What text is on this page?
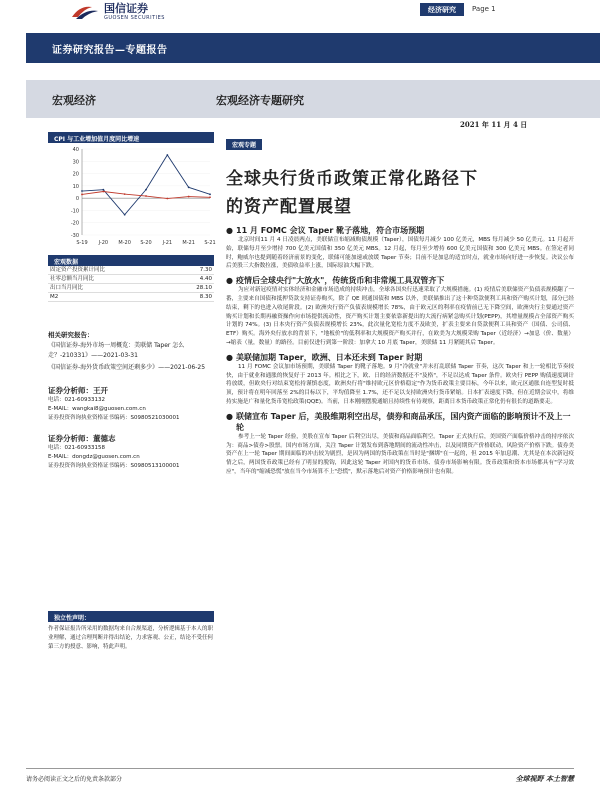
国信证券
GUOSEN SECURITIES
经济研究	Page 1
证券研究报告—专题报告
宏观经济	宏观经济专题研究
2021 年 11 月 4 日
CPI 与工业增加值月度同比增速
40
30
20
10
0
-10
-20
-30
S-19 J-20 M-20 S-20 J-21 M-21 S-21
宏观数据
固定资产投资累计同比	7.30
社零总额当月同比	4.40
出口当月同比	28.10
M2	8.30
相关研究报告：
《国信证券-海外市场一周概览：美联储 Taper 怎么走？-210331》——2021-03-31
《国信证券-海外货币政策空间还剩多少》——2021-06-25
证券分析师：王开
电话：021-60933132
E-MAIL：wangkai8@guosen.com.cn
证券投资咨询执业资格证书编码：S0980521030001
证券分析师：董德志
电话：021-60933158
E-MAIL：dongdz@guosen.com.cn
证券投资咨询执业资格证书编码：S0980513100001
独立性声明：
作者保证报告所采用的数据均来自合规渠道，分析逻辑基于本人的职业理解，通过合理判断并得出结论，力求客观、公正，结论不受任何第三方的授意、影响，特此声明。
宏观专题
全球央行货币政策正常化路径下
的资产配置展望
● 11 月 FOMC 会议 Taper 靴子落地，符合市场预期
北京时间11 月 4 日凌晨两点，美联储宣布缩减购债规模（Taper），国债每月减少 100 亿美元，MBS 每月减少 50 亿美元。11 月起开始，联储每月至少增持 700 亿美元国债和 350 亿美元 MBS。12 月起，每月至少增持 600 亿美元国债和 300 亿美元 MBS。在签定者同时，鲍威尔也提到随着经济前景的变化，联储可能加速或放缓 Taper 节奏；目前不是加息的适宜时点，就业市场向好进一步恢复。决议公布后美股三大指数拉涨，美债收益率上涨，国际原油大幅下跌。
● 疫情后全球央行"大放水"，传统货币和非常规工具双管齐下
为应对新冠疫情对实体经济和金融市场造成的持续冲击，全球各国央行迅速采取了大规模措施。(1) 疫情后美联储资产负债表规模翻了一番，主要来自国债和抵押贷款支持证券购买，除了 QE 则通国债和 MBS 以外，美联储推出了这十种贷款便利工具和资产购买计划，部分已经结束，剩下的也进入收尾阶段。(2) 欧洲央行资产负债表规模增长 78%，由于欧元区的利率在疫情前已无下降空间，欧洲央行主要通过资产购买计划和长期再融资操作向市场提供流动性，资产购买计划主要依靠新提出的大流行病紧急购买计划(PEPP)，其增量规模占全部资产购买计划的 74%。(3) 日本央行资产负债表规模增长 23%，此次量化宽松力度不及欧美，扩表主要来自贷款便利工具和资产（国债、公司债、ETF）购买。海外央行放水的背景下，"地板价"的低利率和大规模资产购买并行，在欧美为大规模采购 Taper（近经济）→加息（价、数量）→缩表（量，数量）的路径。目前仅进行到第一阶段：加拿大 10 月底 Taper，美联储 11 月紧随其后 Taper。
● 美联储加期 Taper，欧洲、日本还未到 Taper 时期
11 月 FOMC 会议加市场预期，美联储 Taper 的靴子落地。9 月"冷就业"并未打乱联储 Taper 节奏，这次 Taper 和上一轮相比节奏较快，由于就业和通胀的恢复好于 2013 年。相比之下，欧、日的经济数据还不"及格"，不足以达成 Taper 条件。欧央行 PEPP 购债速度调计将放缓，但欧央行对结束宽松持谨慎态度，欧洲央行将"维持欧元区价格稳定"作为货币政策主要目标，今年以来，欧元区通胀自连型复时抵顶，预计将在明年回落至 2%的目标以下，平均值降至 1.7%，还不足以支持欧洲央行货币紧缩。日本扩表速度下降，但在近期会议中，将维持实施是广和量化货币宽松政策(QQE)。当前，日本刚刚摆脱通缩且持续性有待观察，距离日本货币政策正常化仍有很长的道路要走。
● 联储宣布 Taper 后，美股维期利空出尽，债券和商品承压，国内资产面临的影响预计不及上一轮
参考上一轮 Taper 经验，美股在宣布 Taper 后利空出尽，美债和商品面临利空。Taper 正式执行后，美国资产面临价格冲击的持序依次为：商品>债券>股票。国内市场方面，关注 Taper 计划发布到落地期间的流动性冲击，以及同期资产价格联动，风险资产价格下跌。债券美资产在上一轮 Taper 期间面临的冲击较为剧烈，是因为两国的货币政策在当时是"捆绑"在一起的，但 2015 年加息潮、尤其是在本次新冠疫情之后，两国货币政策已经有了明显的脱钩，因此这轮 Taper 对国内的货币市场、债券市场影响有限。货币政策和资本市场都具有"学习效应"，当年的"缩减恐慌"放在当今市场算不上"恐慌"，默示落地后对资产价格影响预计也有限。
请务必阅读正文之后的免责条款部分	全球视野 本土智慧
